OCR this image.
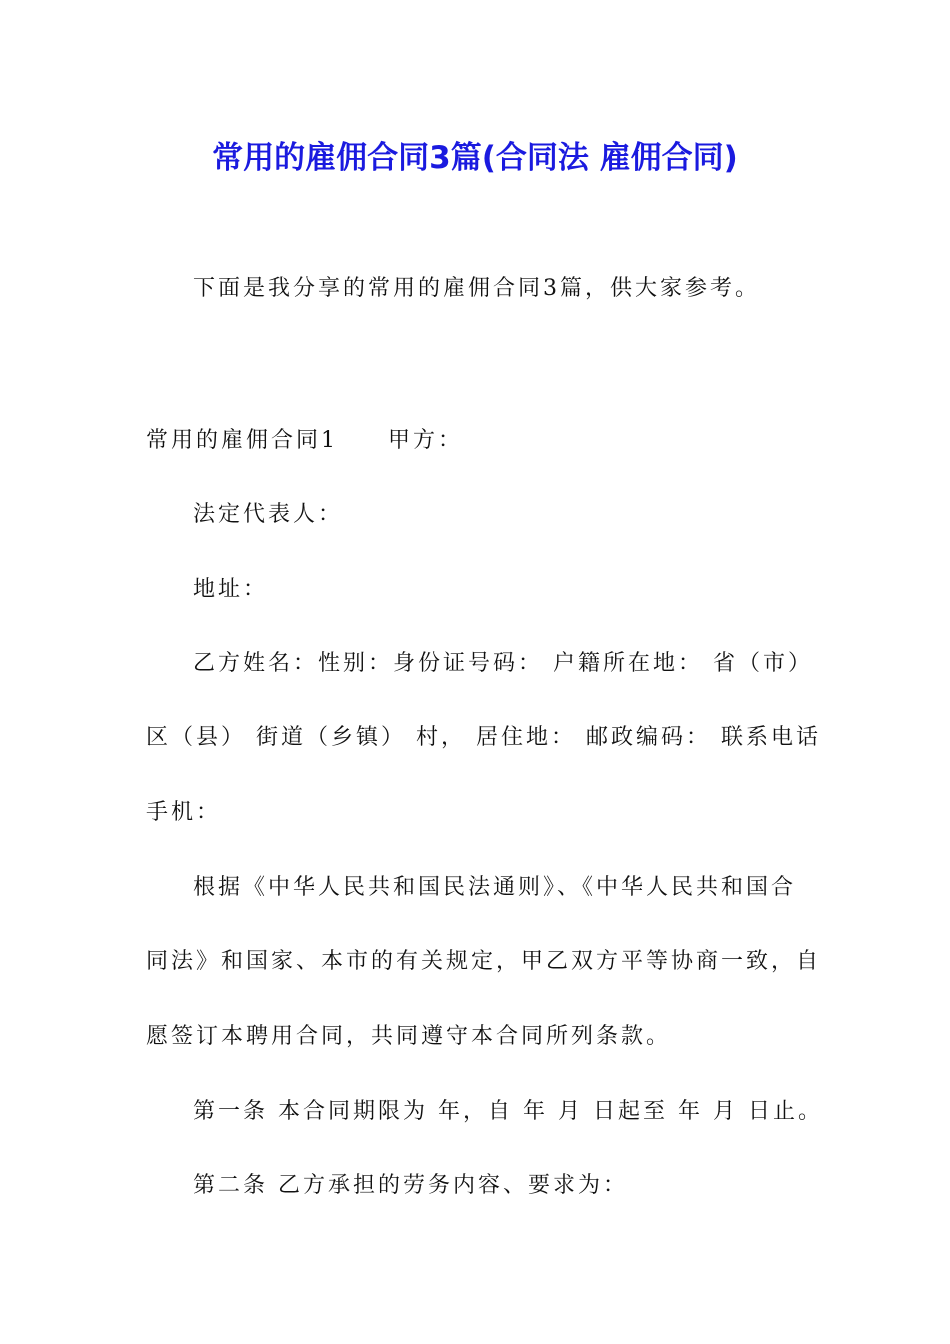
常用的雇佣合同3篇(合同法 雇佣合同)
下面是我分享的常用的雇佣合同3篇，供大家参考。
常用的雇佣合同1　　甲方：
法定代表人：
地址：
乙方姓名：性别：身份证号码： 户籍所在地： 省（市）
区（县） 街道（乡镇） 村， 居住地： 邮政编码： 联系电话
手机：
根据《中华人民共和国民法通则》、《中华人民共和国合
同法》和国家、本市的有关规定，甲乙双方平等协商一致，自
愿签订本聘用合同，共同遵守本合同所列条款。
第一条 本合同期限为 年，自 年 月 日起至 年 月 日止。
第二条 乙方承担的劳务内容、要求为：
